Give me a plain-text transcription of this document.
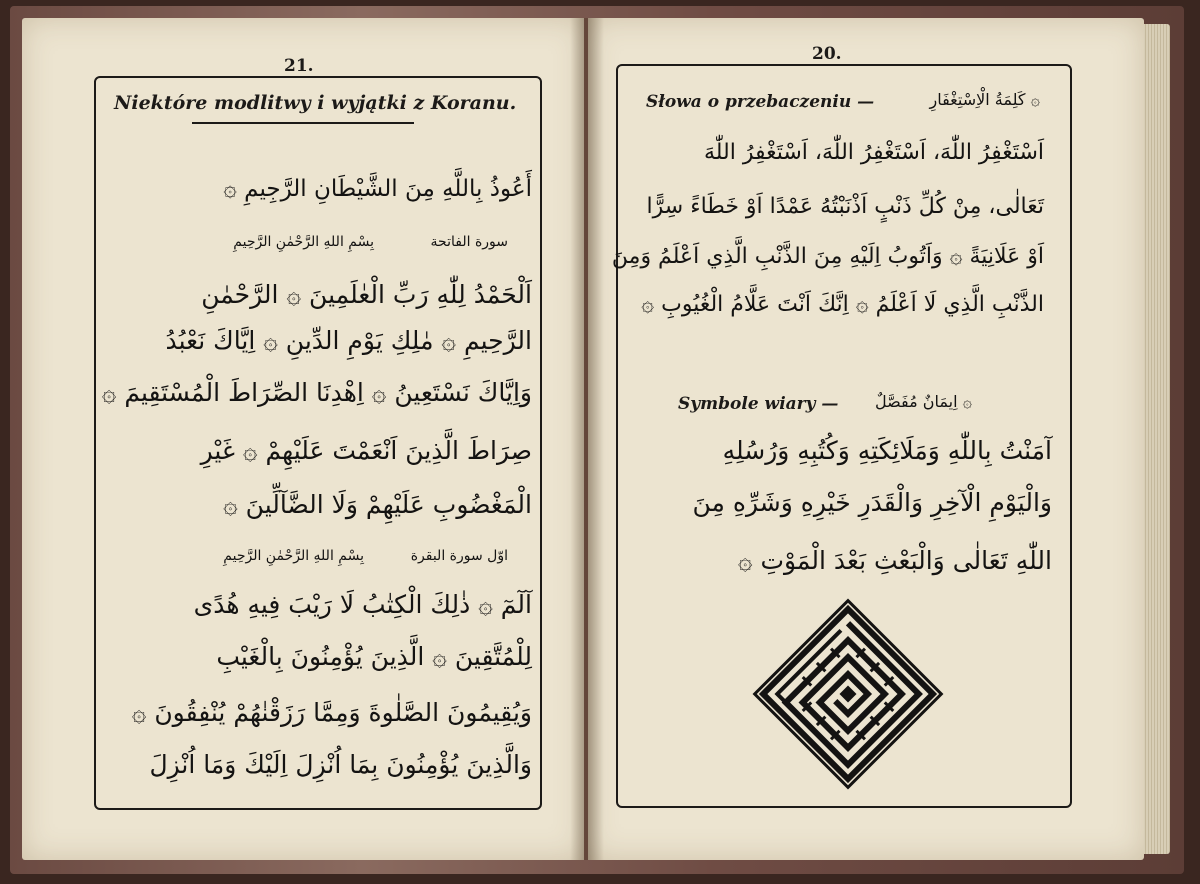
21.
Niektóre modlitwy i wyjątki z Koranu.
أَعُوذُ بِاللَّهِ مِنَ الشَّيْطَانِ الرَّجِيمِ ۞
سورة الفاتحة
بِسْمِ اللهِ الرَّحْمٰنِ الرَّحِيمِ
اَلْحَمْدُ لِلّٰهِ رَبِّ الْعٰلَمِينَ ۞ الرَّحْمٰنِ
الرَّحِيمِ ۞ مٰلِكِ يَوْمِ الدِّينِ ۞ اِيَّاكَ نَعْبُدُ
وَاِيَّاكَ نَسْتَعِينُ ۞ اِهْدِنَا الصِّرَاطَ الْمُسْتَقِيمَ ۞
صِرَاطَ الَّذِينَ اَنْعَمْتَ عَلَيْهِمْ ۞ غَيْرِ
الْمَغْضُوبِ عَلَيْهِمْ وَلَا الضَّآلِّينَ ۞
اوّل سورة البقرة
بِسْمِ اللهِ الرَّحْمٰنِ الرَّحِيمِ
آلٓمٓ ۞ ذٰلِكَ الْكِتٰبُ لَا رَيْبَ فِيهِ هُدًى
لِلْمُتَّقِينَ ۞ الَّذِينَ يُؤْمِنُونَ بِالْغَيْبِ
وَيُقِيمُونَ الصَّلٰوةَ وَمِمَّا رَزَقْنٰهُمْ يُنْفِقُونَ ۞
وَالَّذِينَ يُؤْمِنُونَ بِمَا اُنْزِلَ اِلَيْكَ وَمَا اُنْزِلَ
20.
Słowa o przebaczeniu —	۞ كَلِمَةُ الْاِسْتِغْفَارِ
اَسْتَغْفِرُ اللّٰهَ، اَسْتَغْفِرُ اللّٰهَ، اَسْتَغْفِرُ اللّٰهَ
تَعَالٰى، مِنْ كُلِّ ذَنْبٍ اَذْنَبْتُهُ عَمْدًا اَوْ خَطَاءً سِرًّا
اَوْ عَلَانِيَةً ۞ وَاَتُوبُ اِلَيْهِ مِنَ الذَّنْبِ الَّذِي اَعْلَمُ وَمِنَ
الذَّنْبِ الَّذِي لَا اَعْلَمُ ۞ اِنَّكَ اَنْتَ عَلَّامُ الْغُيُوبِ ۞
Symbole wiary — ۞ اِيمَانٌ مُفَصَّلٌ
آمَنْتُ بِاللّٰهِ وَمَلَائِكَتِهِ وَكُتُبِهِ وَرُسُلِهِ
وَالْيَوْمِ الْآخِرِ وَالْقَدَرِ خَيْرِهِ وَشَرِّهِ مِنَ
اللّٰهِ تَعَالٰى وَالْبَعْثِ بَعْدَ الْمَوْتِ ۞
